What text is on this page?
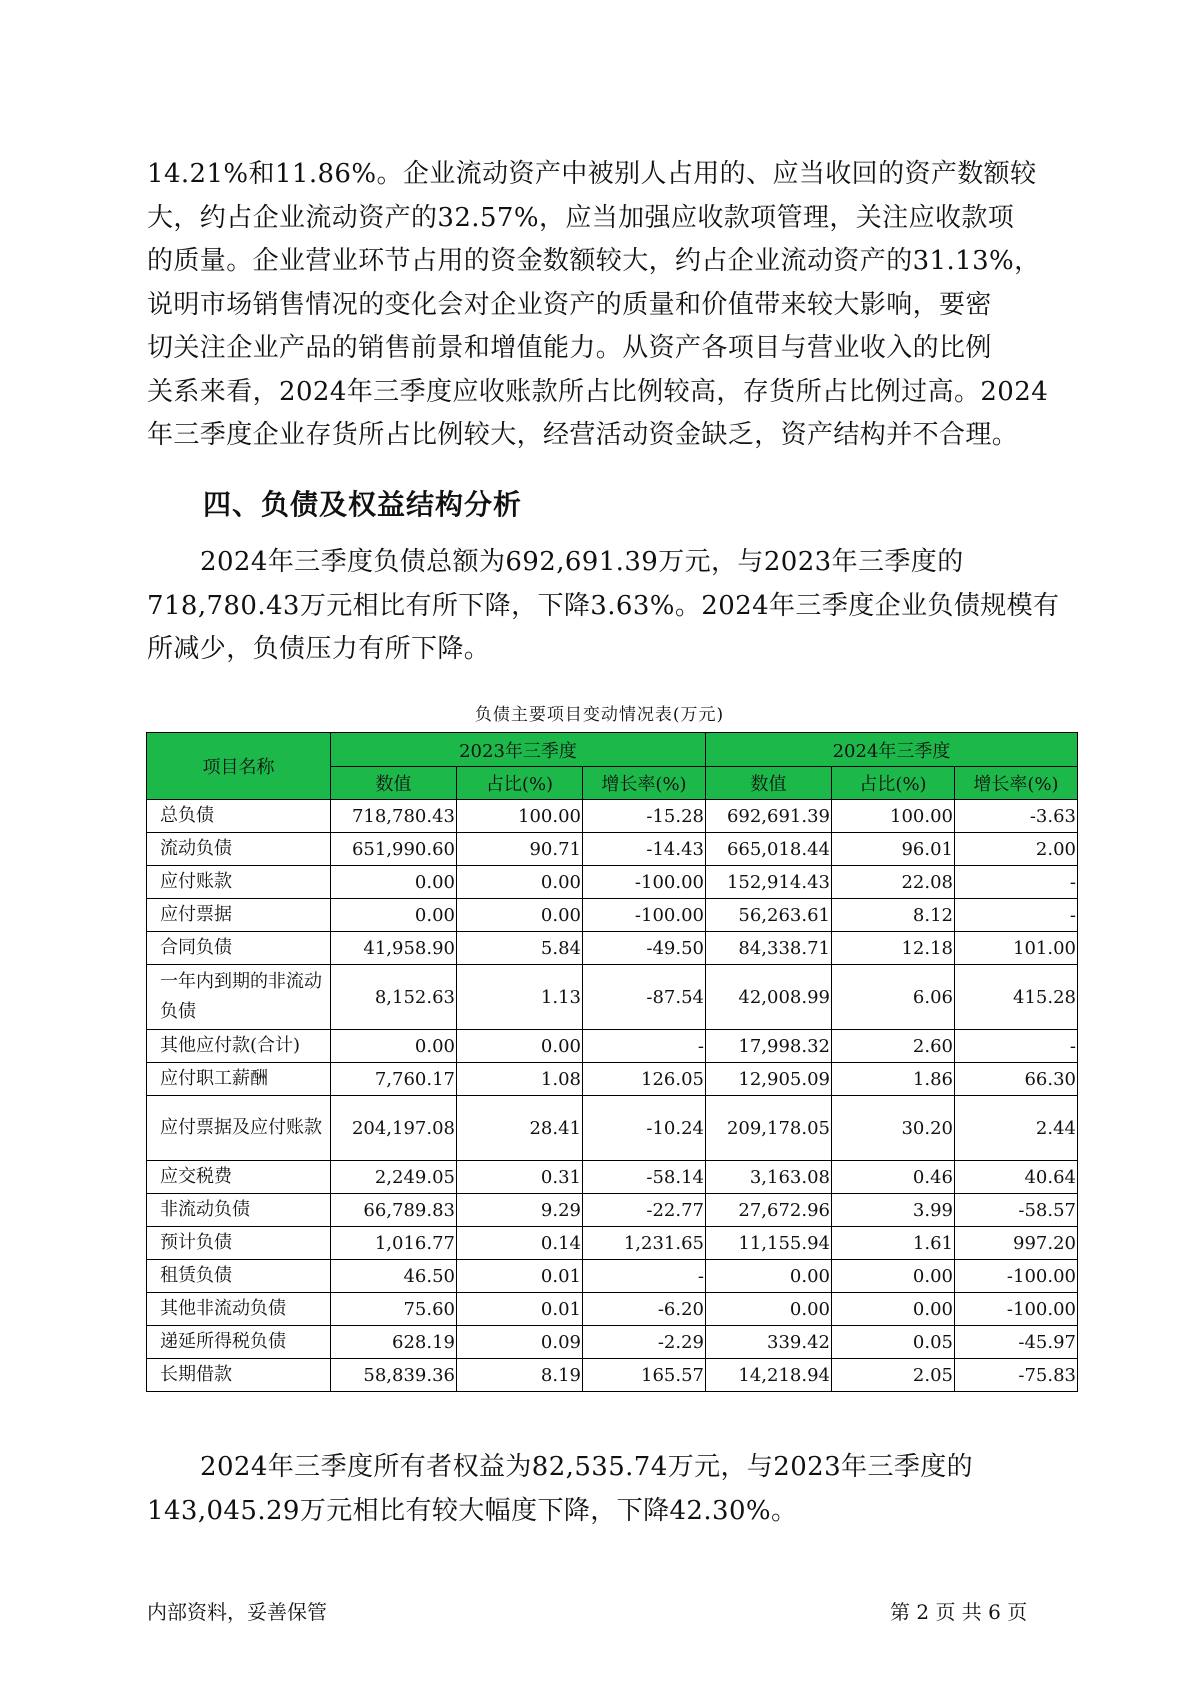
14.21%和11.86%。企业流动资产中被别人占用的、应当收回的资产数额较
大，约占企业流动资产的32.57%，应当加强应收款项管理，关注应收款项
的质量。企业营业环节占用的资金数额较大，约占企业流动资产的31.13%，
说明市场销售情况的变化会对企业资产的质量和价值带来较大影响，要密
切关注企业产品的销售前景和增值能力。从资产各项目与营业收入的比例
关系来看，2024年三季度应收账款所占比例较高，存货所占比例过高。2024
年三季度企业存货所占比例较大，经营活动资金缺乏，资产结构并不合理。
四、负债及权益结构分析
2024年三季度负债总额为692,691.39万元，与2023年三季度的
718,780.43万元相比有所下降，下降3.63%。2024年三季度企业负债规模有
所减少，负债压力有所下降。
负债主要项目变动情况表(万元)
项目名称	2023年三季度			2024年三季度		
	数值	占比(%)	增长率(%)	数值	占比(%)	增长率(%)
总负债	718,780.43	100.00	-15.28	692,691.39	100.00	-3.63
流动负债	651,990.60	90.71	-14.43	665,018.44	96.01	2.00
应付账款	0.00	0.00	-100.00	152,914.43	22.08	-
应付票据	0.00	0.00	-100.00	56,263.61	8.12	-
合同负债	41,958.90	5.84	-49.50	84,338.71	12.18	101.00
一年内到期的非流动负债	8,152.63	1.13	-87.54	42,008.99	6.06	415.28
其他应付款(合计)	0.00	0.00	-	17,998.32	2.60	-
应付职工薪酬	7,760.17	1.08	126.05	12,905.09	1.86	66.30
应付票据及应付账款	204,197.08	28.41	-10.24	209,178.05	30.20	2.44
应交税费	2,249.05	0.31	-58.14	3,163.08	0.46	40.64
非流动负债	66,789.83	9.29	-22.77	27,672.96	3.99	-58.57
预计负债	1,016.77	0.14	1,231.65	11,155.94	1.61	997.20
租赁负债	46.50	0.01	-	0.00	0.00	-100.00
其他非流动负债	75.60	0.01	-6.20	0.00	0.00	-100.00
递延所得税负债	628.19	0.09	-2.29	339.42	0.05	-45.97
长期借款	58,839.36	8.19	165.57	14,218.94	2.05	-75.83
2024年三季度所有者权益为82,535.74万元，与2023年三季度的
143,045.29万元相比有较大幅度下降，下降42.30%。
内部资料，妥善保管	第 2 页 共 6 页
